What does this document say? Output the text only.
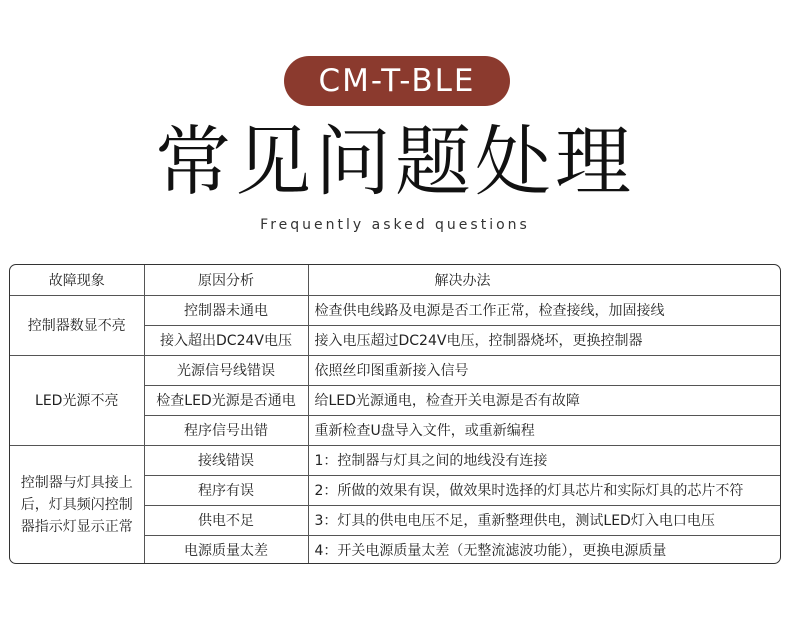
CM-T-BLE
常见问题处理
Frequently asked questions
故障现象	原因分析	解决办法
控制器数显不亮	控制器未通电	检查供电线路及电源是否工作正常，检查接线，加固接线
	接入超出DC24V电压	接入电压超过DC24V电压，控制器烧坏，更换控制器
LED光源不亮	光源信号线错误	依照丝印图重新接入信号
	检查LED光源是否通电	给LED光源通电，检查开关电源是否有故障
	程序信号出错	重新检查U盘导入文件，或重新编程
控制器与灯具接上后，灯具频闪控制器指示灯显示正常	接线错误	1：控制器与灯具之间的地线没有连接
	程序有误	2：所做的效果有误，做效果时选择的灯具芯片和实际灯具的芯片不符
	供电不足	3：灯具的供电电压不足，重新整理供电，测试LED灯入电口电压
	电源质量太差	4：开关电源质量太差（无整流滤波功能），更换电源质量
